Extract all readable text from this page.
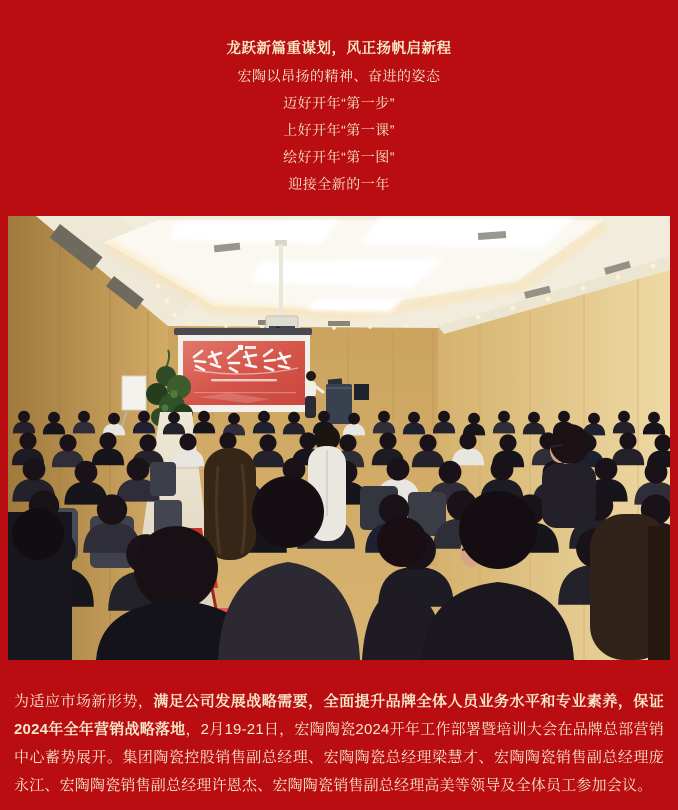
龙跃新篇重谋划，风正扬帆启新程
宏陶以昂扬的精神、奋进的姿态
迈好开年“第一步”
上好开年“第一课”
绘好开年“第一图”
迎接全新的一年
为适应市场新形势，满足公司发展战略需要，全面提升品牌全体人员业务水平和专业素养，保证2024年全年营销战略落地，2月19-21日，宏陶陶瓷2024开年工作部署暨培训大会在品牌总部营销中心蓄势展开。集团陶瓷控股销售副总经理、宏陶陶瓷总经理梁慧才、宏陶陶瓷销售副总经理庞永江、宏陶陶瓷销售副总经理许恩杰、宏陶陶瓷销售副总经理高美等领导及全体员工参加会议。
